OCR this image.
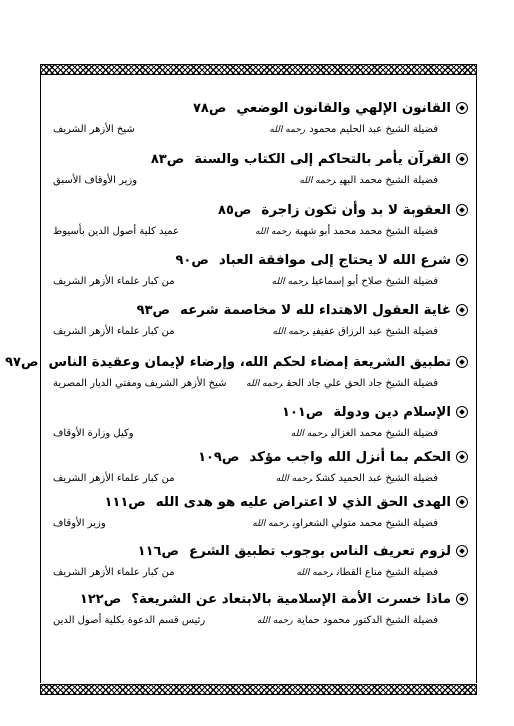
القانون الإلهي والقانون الوضعي
ص٧٨
فضيلة الشيخ عبد الحليم محمودرحمه الله
شيخ الأزهر الشريف
القرآن يأمر بالتحاكم إلى الكتاب والسنة
ص٨٣
فضيلة الشيخ محمد البهيرحمه الله
وزير الأوقاف الأسبق
العقوبة لا بد وأن تكون زاجرة
ص٨٥
فضيلة الشيخ محمد محمد أبو شهبةرحمه الله
عميد كلية أصول الدين بأسيوط
شرع الله لا يحتاج إلى موافقة العباد
ص٩٠
فضيلة الشيخ صلاح أبو إسماعيلرحمه الله
من كبار علماء الأزهر الشريف
غاية العقول الاهتداء لله لا مخاصمة شرعه
ص٩٣
فضيلة الشيخ عبد الرزاق عفيفيرحمه الله
من كبار علماء الأزهر الشريف
تطبيق الشريعة إمضاء لحكم الله، وإرضاء لإيمان وعقيدة الناس
ص٩٧
فضيلة الشيخ جاد الحق علي جاد الحقرحمه الله
شيخ الأزهر الشريف ومفتي الديار المصرية
الإسلام دين ودولة
ص١٠١
فضيلة الشيخ محمد الغزاليرحمه الله
وكيل وزارة الأوقاف
الحكم بما أنزل الله واجب مؤكد
ص١٠٩
فضيلة الشيخ عبد الحميد كشكرحمه الله
من كبار علماء الأزهر الشريف
الهدى الحق الذي لا اعتراض عليه هو هدى الله
ص١١١
فضيلة الشيخ محمد متولي الشعراويرحمه الله
وزير الأوقاف
لزوم تعريف الناس بوجوب تطبيق الشرع
ص١١٦
فضيلة الشيخ مناع القطانرحمه الله
من كبار علماء الأزهر الشريف
ماذا خسرت الأمة الإسلامية بالابتعاد عن الشريعة؟
ص١٢٢
فضيلة الشيخ الدكتور محمود حمايةرحمه الله
رئيس قسم الدعوة بكلية أصول الدين
